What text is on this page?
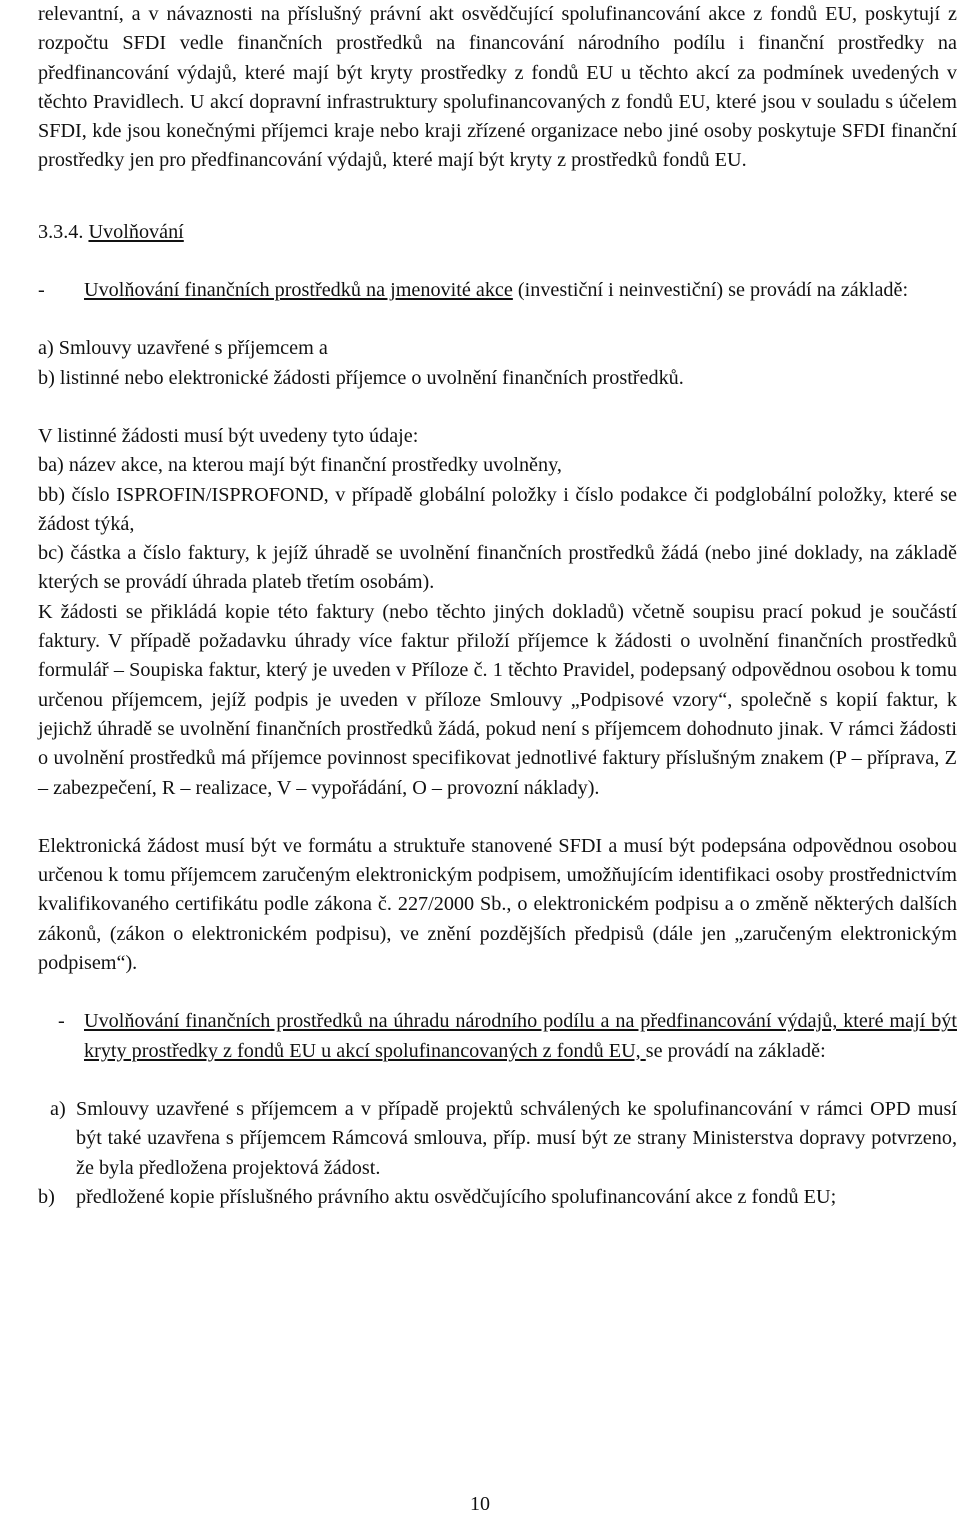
relevantní, a v návaznosti na příslušný právní akt osvědčující spolufinancování akce z fondů EU, poskytují z rozpočtu SFDI vedle finančních prostředků na financování národního podílu i finanční prostředky na předfinancování výdajů, které mají být kryty prostředky z fondů EU u těchto akcí za podmínek uvedených v těchto Pravidlech. U akcí dopravní infrastruktury spolufinancovaných z fondů EU, které jsou v souladu s účelem SFDI, kde jsou konečnými příjemci kraje nebo kraji zřízené organizace nebo jiné osoby poskytuje SFDI finanční prostředky jen pro předfinancování výdajů, které mají být kryty z prostředků fondů EU.

3.3.4. Uvolňování

- Uvolňování finančních prostředků na jmenovité akce (investiční i neinvestiční) se provádí na základě:

a) Smlouvy uzavřené s příjemcem a

b) listinné nebo elektronické žádosti příjemce o uvolnění finančních prostředků.

V listinné žádosti musí být uvedeny tyto údaje:

ba) název akce, na kterou mají být finanční prostředky uvolněny,

bb) číslo ISPROFIN/ISPROFOND, v případě globální položky i číslo podakce či podglobální položky, které se žádost týká,

bc) částka a číslo faktury, k jejíž úhradě se uvolnění finančních prostředků žádá (nebo jiné doklady, na základě kterých se provádí úhrada plateb třetím osobám).

K žádosti se přikládá kopie této faktury (nebo těchto jiných dokladů) včetně soupisu prací pokud je součástí faktury. V případě požadavku úhrady více faktur přiloží příjemce k žádosti o uvolnění finančních prostředků formulář – Soupiska faktur, který je uveden v Příloze č. 1 těchto Pravidel, podepsaný odpovědnou osobou k tomu určenou příjemcem, jejíž podpis je uveden v příloze Smlouvy „Podpisové vzory“, společně s kopií faktur, k jejichž úhradě se uvolnění finančních prostředků žádá, pokud není s příjemcem dohodnuto jinak. V rámci žádosti o uvolnění prostředků má příjemce povinnost specifikovat jednotlivé faktury příslušným znakem (P – příprava, Z – zabezpečení, R – realizace, V – vypořádání, O – provozní náklady).

Elektronická žádost musí být ve formátu a struktuře stanovené SFDI a musí být podepsána odpovědnou osobou určenou k tomu příjemcem zaručeným elektronickým podpisem, umožňujícím identifikaci osoby prostřednictvím kvalifikovaného certifikátu podle zákona č. 227/2000 Sb., o elektronickém podpisu a o změně některých dalších zákonů, (zákon o elektronickém podpisu), ve znění pozdějších předpisů (dále jen „zaručeným elektronickým podpisem“).

- Uvolňování finančních prostředků na úhradu národního podílu a na předfinancování výdajů, které mají být kryty prostředky z fondů EU u akcí spolufinancovaných z fondů EU, se provádí na základě:

a) Smlouvy uzavřené s příjemcem a v případě projektů schválených ke spolufinancování v rámci OPD musí být také uzavřena s příjemcem Rámcová smlouva, příp. musí být ze strany Ministerstva dopravy potvrzeno, že byla předložena projektová žádost.

b) předložené kopie příslušného právního aktu osvědčujícího spolufinancování akce z fondů EU;

10
